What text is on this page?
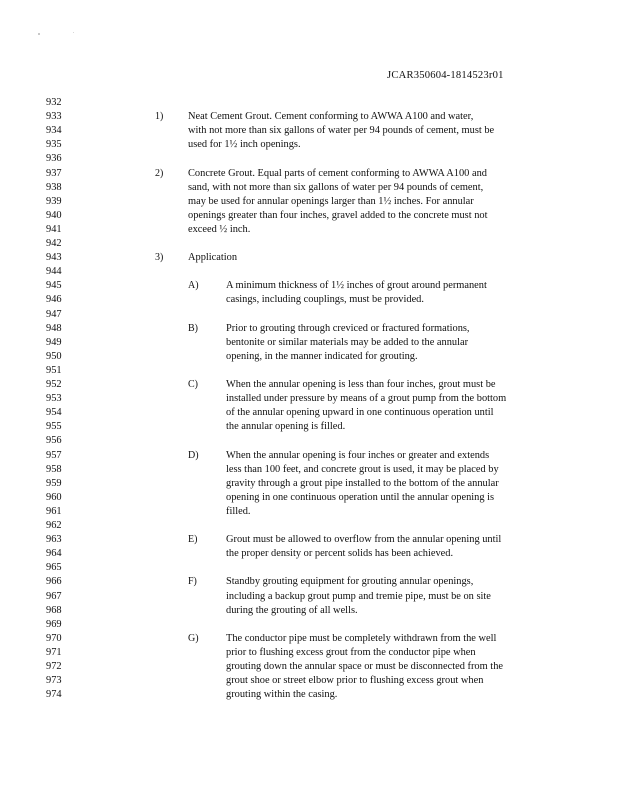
JCAR350604-1814523r01
932
933
934
935
936
937
938
939
940
941
942
943
944
945
946
947
948
949
950
951
952
953
954
955
956
957
958
959
960
961
962
963
964
965
966
967
968
969
970
971
972
973
974
1) Neat Cement Grout. Cement conforming to AWWA A100 and water,
with not more than six gallons of water per 94 pounds of cement, must be
used for 1½ inch openings.
2) Concrete Grout. Equal parts of cement conforming to AWWA A100 and
sand, with not more than six gallons of water per 94 pounds of cement,
may be used for annular openings larger than 1½ inches. For annular
openings greater than four inches, gravel added to the concrete must not
exceed ½ inch.
3) Application
A)	A minimum thickness of 1½ inches of grout around permanent
casings, including couplings, must be provided.
B)	Prior to grouting through creviced or fractured formations,
bentonite or similar materials may be added to the annular
opening, in the manner indicated for grouting.
C)	When the annular opening is less than four inches, grout must be
installed under pressure by means of a grout pump from the bottom
of the annular opening upward in one continuous operation until
the annular opening is filled.
D)	When the annular opening is four inches or greater and extends
less than 100 feet, and concrete grout is used, it may be placed by
gravity through a grout pipe installed to the bottom of the annular
opening in one continuous operation until the annular opening is
filled.
E)	Grout must be allowed to overflow from the annular opening until
the proper density or percent solids has been achieved.
F)	Standby grouting equipment for grouting annular openings,
including a backup grout pump and tremie pipe, must be on site
during the grouting of all wells.
G)	The conductor pipe must be completely withdrawn from the well
prior to flushing excess grout from the conductor pipe when
grouting down the annular space or must be disconnected from the
grout shoe or street elbow prior to flushing excess grout when
grouting within the casing.
